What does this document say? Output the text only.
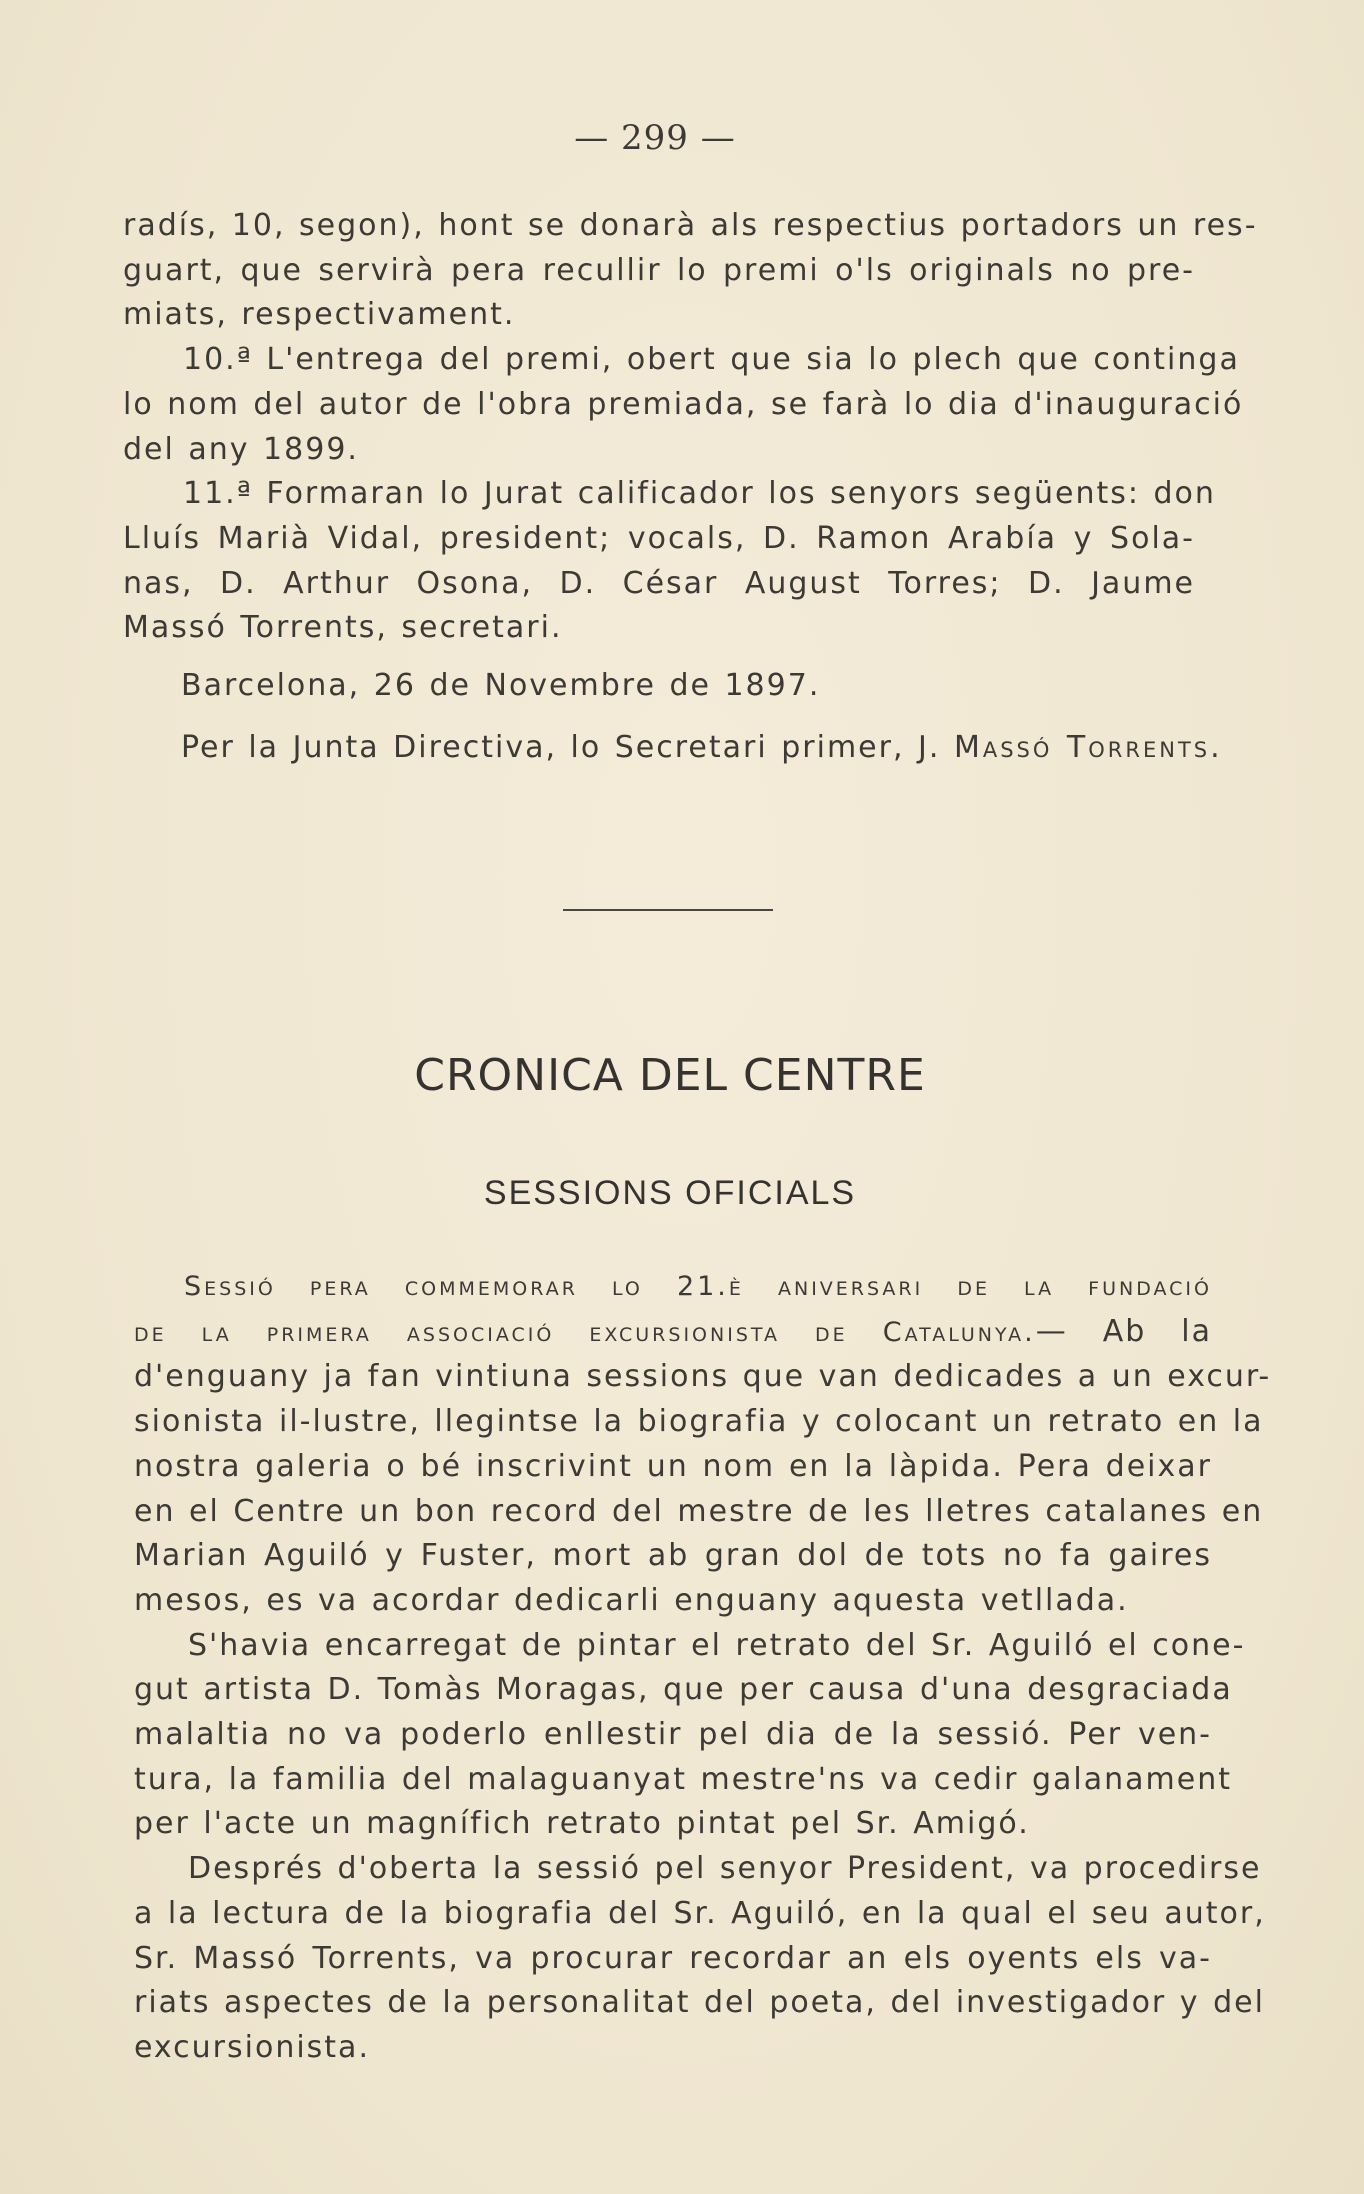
— 299 —
radís, 10, segon), hont se donarà als respectius portadors un res-
guart, que servirà pera recullir lo premi o'ls originals no pre-
miats, respectivament.
10.ª L'entrega del premi, obert que sia lo plech que continga
lo nom del autor de l'obra premiada, se farà lo dia d'inauguració
del any 1899.
11.ª Formaran lo Jurat calificador los senyors següents: don
Lluís Marià Vidal, president; vocals, D. Ramon Arabía y Sola-
nas, D. Arthur Osona, D. César August Torres; D. Jaume
Massó Torrents, secretari.
Barcelona, 26 de Novembre de 1897.
Per la Junta Directiva, lo Secretari primer, J. Massó Torrents.
CRONICA DEL CENTRE
SESSIONS OFICIALS
Sessió pera commemorar lo 21.è aniversari de la fundació
de la primera associació excursionista de Catalunya.— Ab la
d'enguany ja fan vintiuna sessions que van dedicades a un excur-
sionista il-lustre, llegintse la biografia y colocant un retrato en la
nostra galeria o bé inscrivint un nom en la làpida. Pera deixar
en el Centre un bon record del mestre de les lletres catalanes en
Marian Aguiló y Fuster, mort ab gran dol de tots no fa gaires
mesos, es va acordar dedicarli enguany aquesta vetllada.
S'havia encarregat de pintar el retrato del Sr. Aguiló el cone-
gut artista D. Tomàs Moragas, que per causa d'una desgraciada
malaltia no va poderlo enllestir pel dia de la sessió. Per ven-
tura, la familia del malaguanyat mestre'ns va cedir galanament
per l'acte un magnífich retrato pintat pel Sr. Amigó.
Després d'oberta la sessió pel senyor President, va procedirse
a la lectura de la biografia del Sr. Aguiló, en la qual el seu autor,
Sr. Massó Torrents, va procurar recordar an els oyents els va-
riats aspectes de la personalitat del poeta, del investigador y del
excursionista.
